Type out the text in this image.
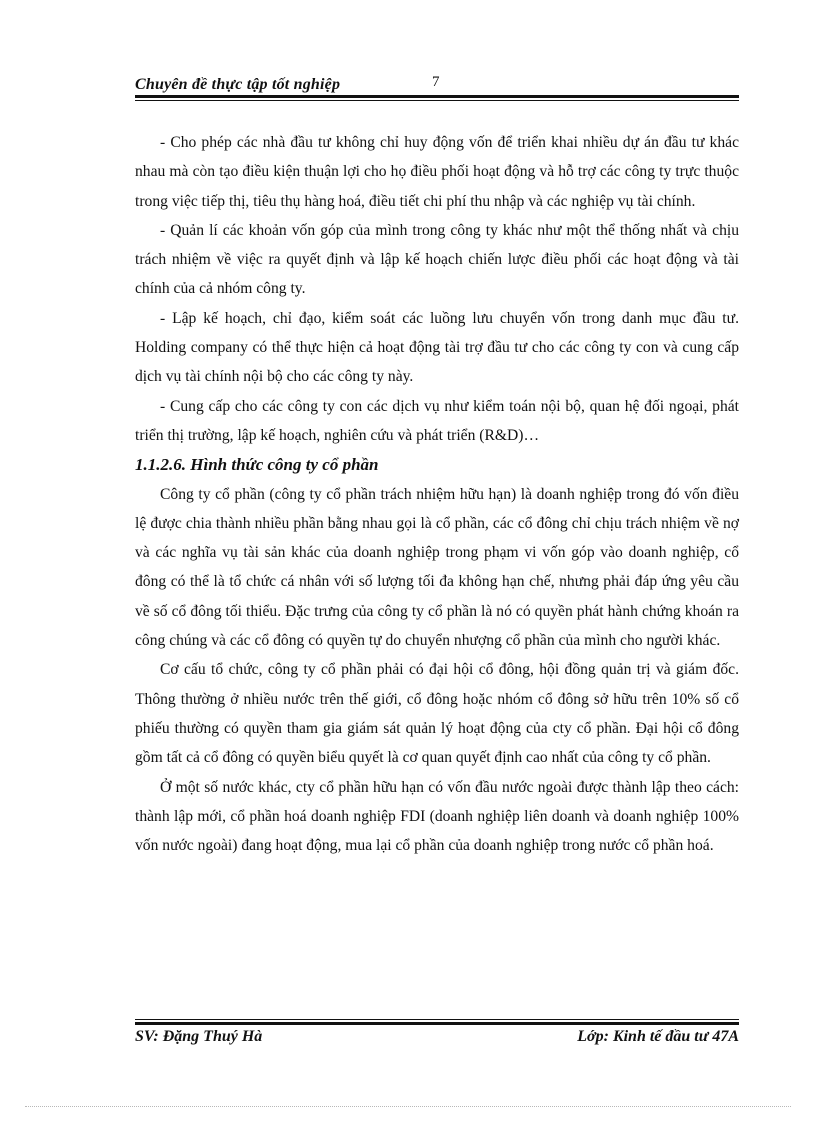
Chuyên đề thực tập tốt nghiệp	7

- Cho phép các nhà đầu tư không chỉ huy động vốn để triển khai nhiều dự án đầu tư khác nhau mà còn tạo điều kiện thuận lợi cho họ điều phối hoạt động và hỗ trợ các công ty trực thuộc trong việc tiếp thị, tiêu thụ hàng hoá, điều tiết chi phí thu nhập và các nghiệp vụ tài chính.

- Quản lí các khoản vốn góp của mình trong công ty khác như một thể thống nhất và chịu trách nhiệm về việc ra quyết định và lập kế hoạch chiến lược điều phối các hoạt động và tài chính của cả nhóm công ty.

- Lập kế hoạch, chỉ đạo, kiểm soát các luồng lưu chuyển vốn trong danh mục đầu tư. Holding company có thể thực hiện cả hoạt động tài trợ đầu tư cho các công ty con và cung cấp dịch vụ tài chính nội bộ cho các công ty này.

- Cung cấp cho các công ty con các dịch vụ như kiểm toán nội bộ, quan hệ đối ngoại, phát triển thị trường, lập kế hoạch, nghiên cứu và phát triển (R&D)…

1.1.2.6. Hình thức công ty cổ phần

Công ty cổ phần (công ty cổ phần trách nhiệm hữu hạn) là doanh nghiệp trong đó vốn điều lệ được chia thành nhiều phần bằng nhau gọi là cổ phần, các cổ đông chỉ chịu trách nhiệm về nợ và các nghĩa vụ tài sản khác của doanh nghiệp trong phạm vi vốn góp vào doanh nghiệp, cổ đông có thể là tổ chức cá nhân với số lượng tối đa không hạn chế, nhưng phải đáp ứng yêu cầu về số cổ đông tối thiểu. Đặc trưng của công ty cổ phần là nó có quyền phát hành chứng khoán ra công chúng và các cổ đông có quyền tự do chuyển nhượng cổ phần của mình cho người khác.

Cơ cấu tổ chức, công ty cổ phần phải có đại hội cổ đông, hội đồng quản trị và giám đốc. Thông thường ở nhiều nước trên thế giới, cổ đông hoặc nhóm cổ đông sở hữu trên 10% số cổ phiếu thường có quyền tham gia giám sát quản lý hoạt động của cty cổ phần. Đại hội cổ đông gồm tất cả cổ đông có quyền biểu quyết là cơ quan quyết định cao nhất của công ty cổ phần.

Ở một số nước khác, cty cổ phần hữu hạn có vốn đầu nước ngoài được thành lập theo cách: thành lập mới, cổ phần hoá doanh nghiệp FDI (doanh nghiệp liên doanh và doanh nghiệp 100% vốn nước ngoài) đang hoạt động, mua lại cổ phần của doanh nghiệp trong nước cổ phần hoá.

SV: Đặng Thuý Hà	Lớp: Kinh tế đầu tư 47A
